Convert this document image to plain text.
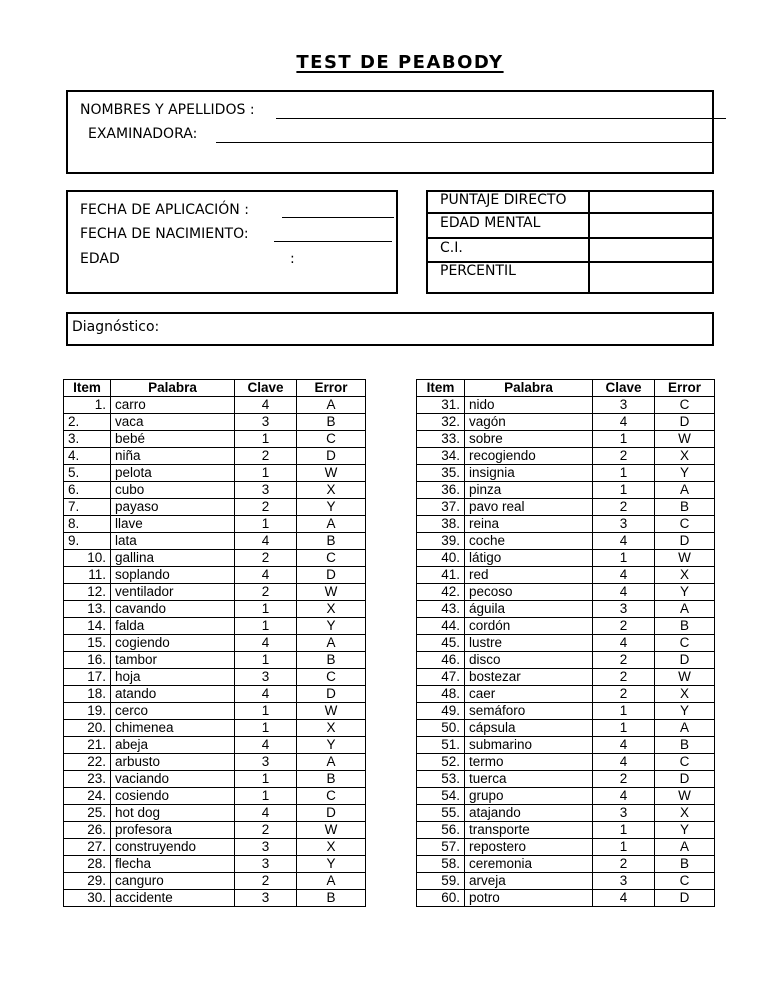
TEST DE PEABODY
NOMBRES Y APELLIDOS :
EXAMINADORA:
FECHA DE APLICACIÓN :
FECHA DE NACIMIENTO:
EDAD	:
PUNTAJE DIRECTO
EDAD MENTAL
C.I.
PERCENTIL
Diagnóstico:
Item	Palabra	Clave	Error
1.	carro	4	A
2.	vaca	3	B
3.	bebé	1	C
4.	niña	2	D
5.	pelota	1	W
6.	cubo	3	X
7.	payaso	2	Y
8.	llave	1	A
9.	lata	4	B
10.	gallina	2	C
11.	soplando	4	D
12.	ventilador	2	W
13.	cavando	1	X
14.	falda	1	Y
15.	cogiendo	4	A
16.	tambor	1	B
17.	hoja	3	C
18.	atando	4	D
19.	cerco	1	W
20.	chimenea	1	X
21.	abeja	4	Y
22.	arbusto	3	A
23.	vaciando	1	B
24.	cosiendo	1	C
25.	hot dog	4	D
26.	profesora	2	W
27.	construyendo	3	X
28.	flecha	3	Y
29.	canguro	2	A
30.	accidente	3	B
Item	Palabra	Clave	Error
31.	nido	3	C
32.	vagón	4	D
33.	sobre	1	W
34.	recogiendo	2	X
35.	insignia	1	Y
36.	pinza	1	A
37.	pavo real	2	B
38.	reina	3	C
39.	coche	4	D
40.	látigo	1	W
41.	red	4	X
42.	pecoso	4	Y
43.	águila	3	A
44.	cordón	2	B
45.	lustre	4	C
46.	disco	2	D
47.	bostezar	2	W
48.	caer	2	X
49.	semáforo	1	Y
50.	cápsula	1	A
51.	submarino	4	B
52.	termo	4	C
53.	tuerca	2	D
54.	grupo	4	W
55.	atajando	3	X
56.	transporte	1	Y
57.	repostero	1	A
58.	ceremonia	2	B
59.	arveja	3	C
60.	potro	4	D
